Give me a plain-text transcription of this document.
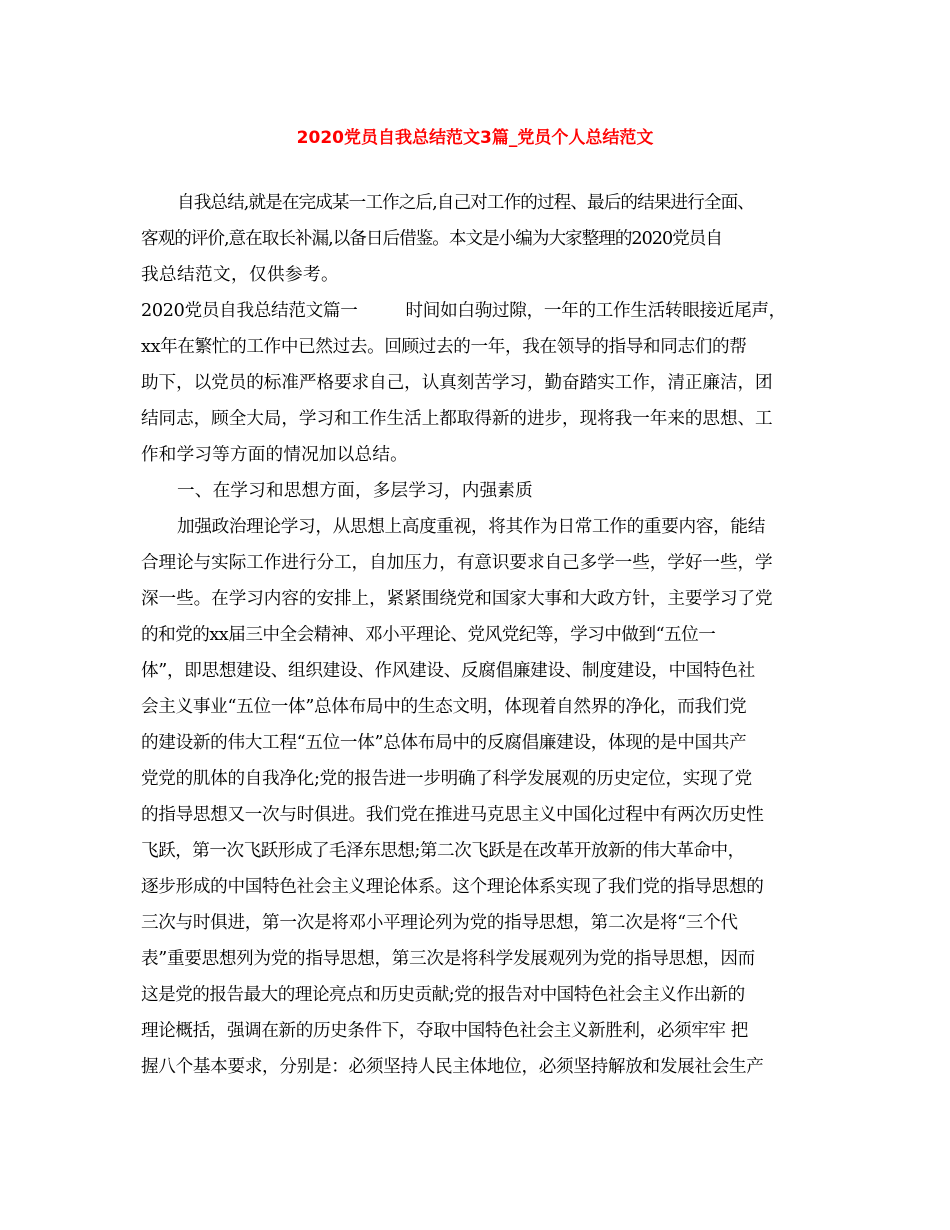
2020党员自我总结范文3篇_党员个人总结范文
自我总结,就是在完成某一工作之后,自己对工作的过程、最后的结果进行全面、
客观的评价,意在取长补漏,以备日后借鉴。本文是小编为大家整理的2020党员自
我总结范文，仅供参考。
2020党员自我总结范文篇一	时间如白驹过隙，一年的工作生活转眼接近尾声，
xx年在繁忙的工作中已然过去。回顾过去的一年，我在领导的指导和同志们的帮
助下，以党员的标准严格要求自己，认真刻苦学习，勤奋踏实工作，清正廉洁，团
结同志，顾全大局，学习和工作生活上都取得新的进步，现将我一年来的思想、工
作和学习等方面的情况加以总结。
一、在学习和思想方面，多层学习，内强素质
加强政治理论学习，从思想上高度重视，将其作为日常工作的重要内容，能结
合理论与实际工作进行分工，自加压力，有意识要求自己多学一些，学好一些，学
深一些。在学习内容的安排上，紧紧围绕党和国家大事和大政方针，主要学习了党
的和党的xx届三中全会精神、邓小平理论、党风党纪等，学习中做到“五位一
体”，即思想建设、组织建设、作风建设、反腐倡廉建设、制度建设，中国特色社
会主义事业“五位一体”总体布局中的生态文明，体现着自然界的净化，而我们党
的建设新的伟大工程“五位一体”总体布局中的反腐倡廉建设，体现的是中国共产
党党的肌体的自我净化;党的报告进一步明确了科学发展观的历史定位，实现了党
的指导思想又一次与时俱进。我们党在推进马克思主义中国化过程中有两次历史性
飞跃，第一次飞跃形成了毛泽东思想;第二次飞跃是在改革开放新的伟大革命中，
逐步形成的中国特色社会主义理论体系。这个理论体系实现了我们党的指导思想的
三次与时俱进，第一次是将邓小平理论列为党的指导思想，第二次是将“三个代
表”重要思想列为党的指导思想，第三次是将科学发展观列为党的指导思想，因而
这是党的报告最大的理论亮点和历史贡献;党的报告对中国特色社会主义作出新的
理论概括，强调在新的历史条件下，夺取中国特色社会主义新胜利，必须牢牢 把
握八个基本要求，分别是：必须坚持人民主体地位，必须坚持解放和发展社会生产
